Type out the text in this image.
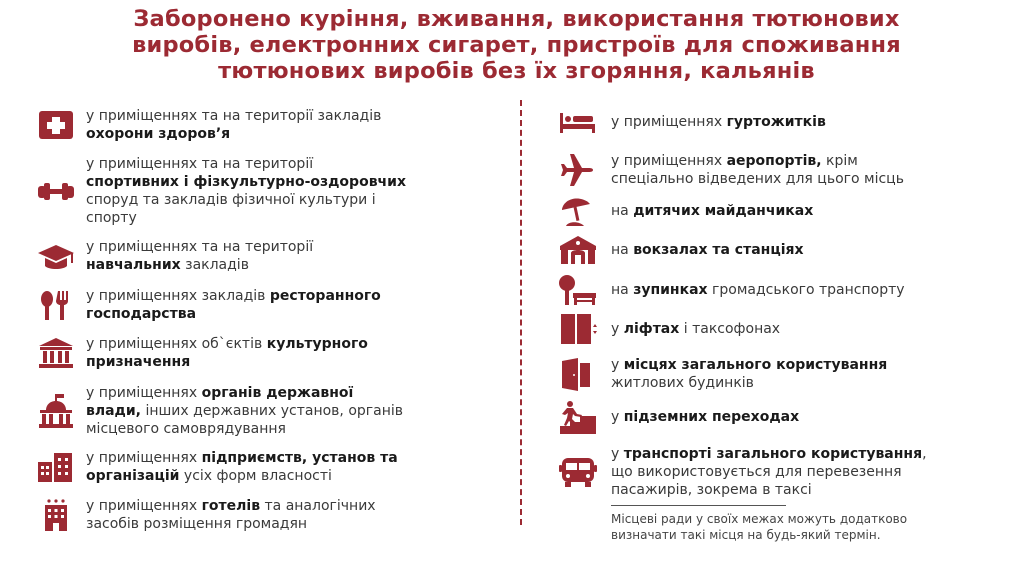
Заборонено куріння, вживання, використання тютюнових
виробів, електронних сигарет, пристроїв для споживання
тютюнових виробів без їх згоряння, кальянів
у приміщеннях та на території закладів
охорони здоров’я
у приміщеннях та на території
спортивних і фізкультурно-оздоровчих
споруд та закладів фізичної культури і
спорту
у приміщеннях та на території
навчальних закладів
у приміщеннях закладів ресторанного
господарства
у приміщеннях об`єктів культурного
призначення
у приміщеннях органів державної
влади, інших державних установ, органів
місцевого самоврядування
у приміщеннях підприємств, установ та
організацій усіх форм власності
у приміщеннях готелів та аналогічних
засобів розміщення громадян
у приміщеннях гуртожитків
у приміщеннях аеропортів, крім
спеціально відведених для цього місць
на дитячих майданчиках
на вокзалах та станціях
на зупинках громадського транспорту
у ліфтах і таксофонах
у місцях загального користування
житлових будинків
у підземних переходах
у транспорті загального користування,
що використовується для перевезення
пасажирів, зокрема в таксі
Місцеві ради у своїх межах можуть додатково
визначати такі місця на будь-який термін.
